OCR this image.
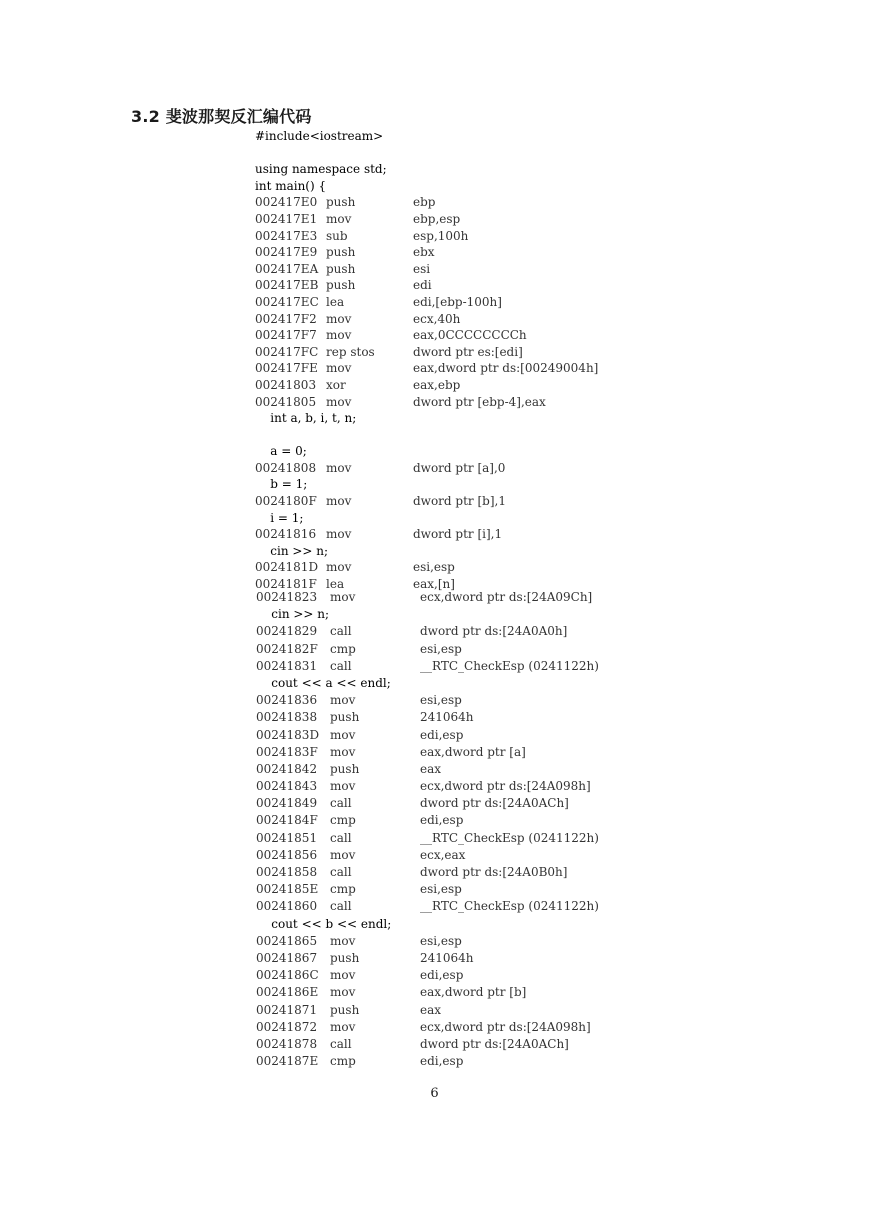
3.2 斐波那契反汇编代码
#include<iostream>
using namespace std;
int main() {
002417E0 push	ebp
002417E1 mov	ebp,esp
002417E3 sub	esp,100h
002417E9 push	ebx
002417EA push	esi
002417EB push	edi
002417EC lea	edi,[ebp-100h]
002417F2 mov	ecx,40h
002417F7 mov	eax,0CCCCCCCCh
002417FC rep stos	dword ptr es:[edi]
002417FE mov	eax,dword ptr ds:[00249004h]
00241803 xor	eax,ebp
00241805 mov	dword ptr [ebp-4],eax
int a, b, i, t, n;
a = 0;
00241808 mov	dword ptr [a],0
b = 1;
0024180F mov	dword ptr [b],1
i = 1;
00241816 mov	dword ptr [i],1
cin >> n;
0024181D mov	esi,esp
0024181F lea	eax,[n]
00241823 mov	ecx,dword ptr ds:[24A09Ch]
cin >> n;
00241829 call	dword ptr ds:[24A0A0h]
0024182F cmp	esi,esp
00241831 call	__RTC_CheckEsp (0241122h)
cout << a << endl;
00241836 mov	esi,esp
00241838 push	241064h
0024183D mov	edi,esp
0024183F mov	eax,dword ptr [a]
00241842 push	eax
00241843 mov	ecx,dword ptr ds:[24A098h]
00241849 call	dword ptr ds:[24A0ACh]
0024184F cmp	edi,esp
00241851 call	__RTC_CheckEsp (0241122h)
00241856 mov	ecx,eax
00241858 call	dword ptr ds:[24A0B0h]
0024185E cmp	esi,esp
00241860 call	__RTC_CheckEsp (0241122h)
cout << b << endl;
00241865 mov	esi,esp
00241867 push	241064h
0024186C mov	edi,esp
0024186E mov	eax,dword ptr [b]
00241871 push	eax
00241872 mov	ecx,dword ptr ds:[24A098h]
00241878 call	dword ptr ds:[24A0ACh]
0024187E cmp	edi,esp
6
